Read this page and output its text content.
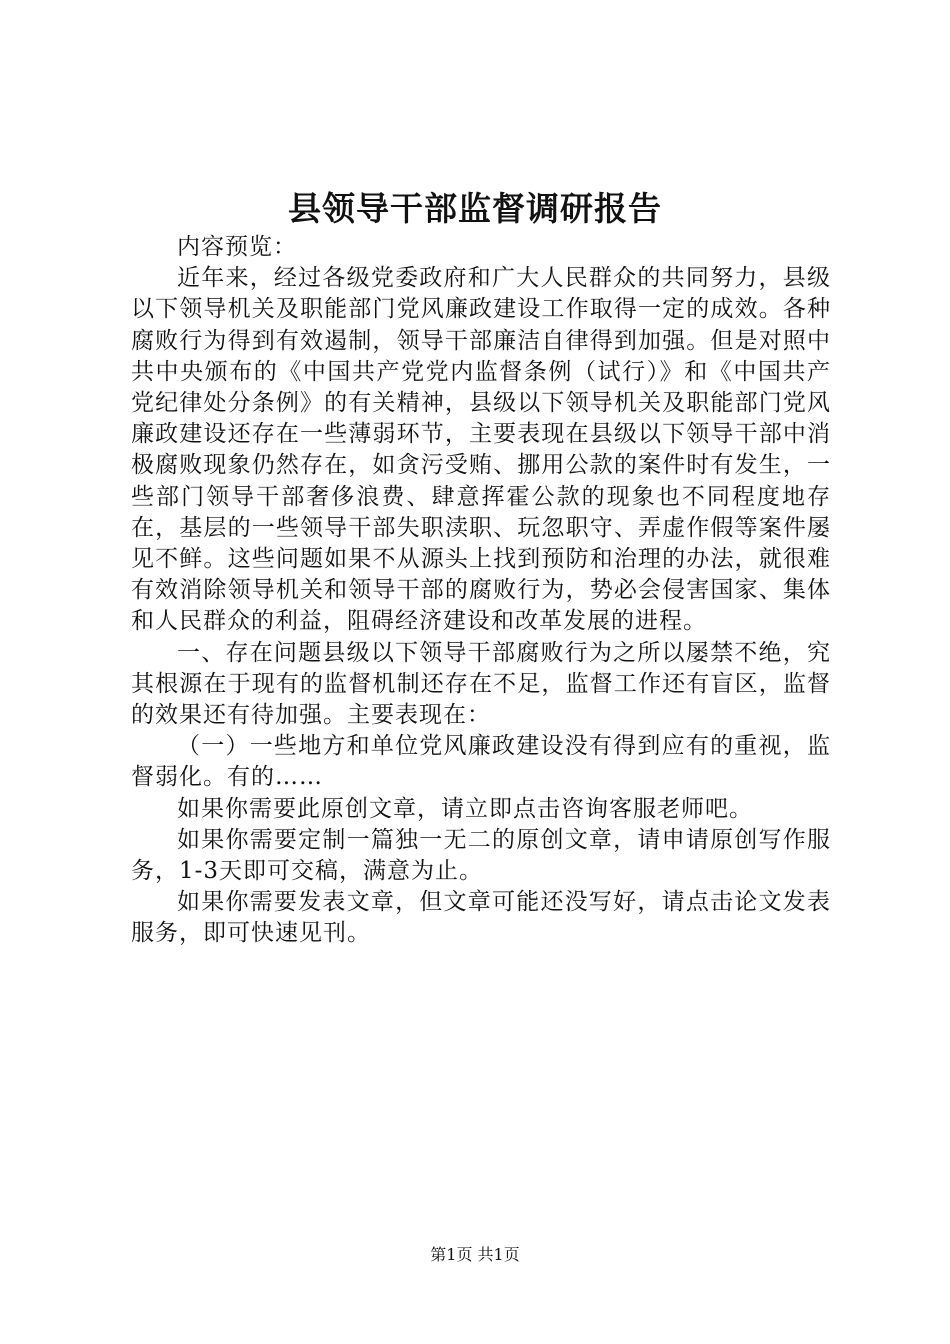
县领导干部监督调研报告

内容预览：

近年来，经过各级党委政府和广大人民群众的共同努力，县级以下领导机关及职能部门党风廉政建设工作取得一定的成效。各种腐败行为得到有效遏制，领导干部廉洁自律得到加强。但是对照中共中央颁布的《中国共产党党内监督条例（试行）》和《中国共产党纪律处分条例》的有关精神，县级以下领导机关及职能部门党风廉政建设还存在一些薄弱环节，主要表现在县级以下领导干部中消极腐败现象仍然存在，如贪污受贿、挪用公款的案件时有发生，一些部门领导干部奢侈浪费、肆意挥霍公款的现象也不同程度地存在，基层的一些领导干部失职渎职、玩忽职守、弄虚作假等案件屡见不鲜。这些问题如果不从源头上找到预防和治理的办法，就很难有效消除领导机关和领导干部的腐败行为，势必会侵害国家、集体和人民群众的利益，阻碍经济建设和改革发展的进程。

一、存在问题县级以下领导干部腐败行为之所以屡禁不绝，究其根源在于现有的监督机制还存在不足，监督工作还有盲区，监督的效果还有待加强。主要表现在：

（一）一些地方和单位党风廉政建设没有得到应有的重视，监督弱化。有的……

如果你需要此原创文章，请立即点击咨询客服老师吧。

如果你需要定制一篇独一无二的原创文章，请申请原创写作服务，1-3天即可交稿，满意为止。

如果你需要发表文章，但文章可能还没写好，请点击论文发表服务，即可快速见刊。

第1页 共1页
